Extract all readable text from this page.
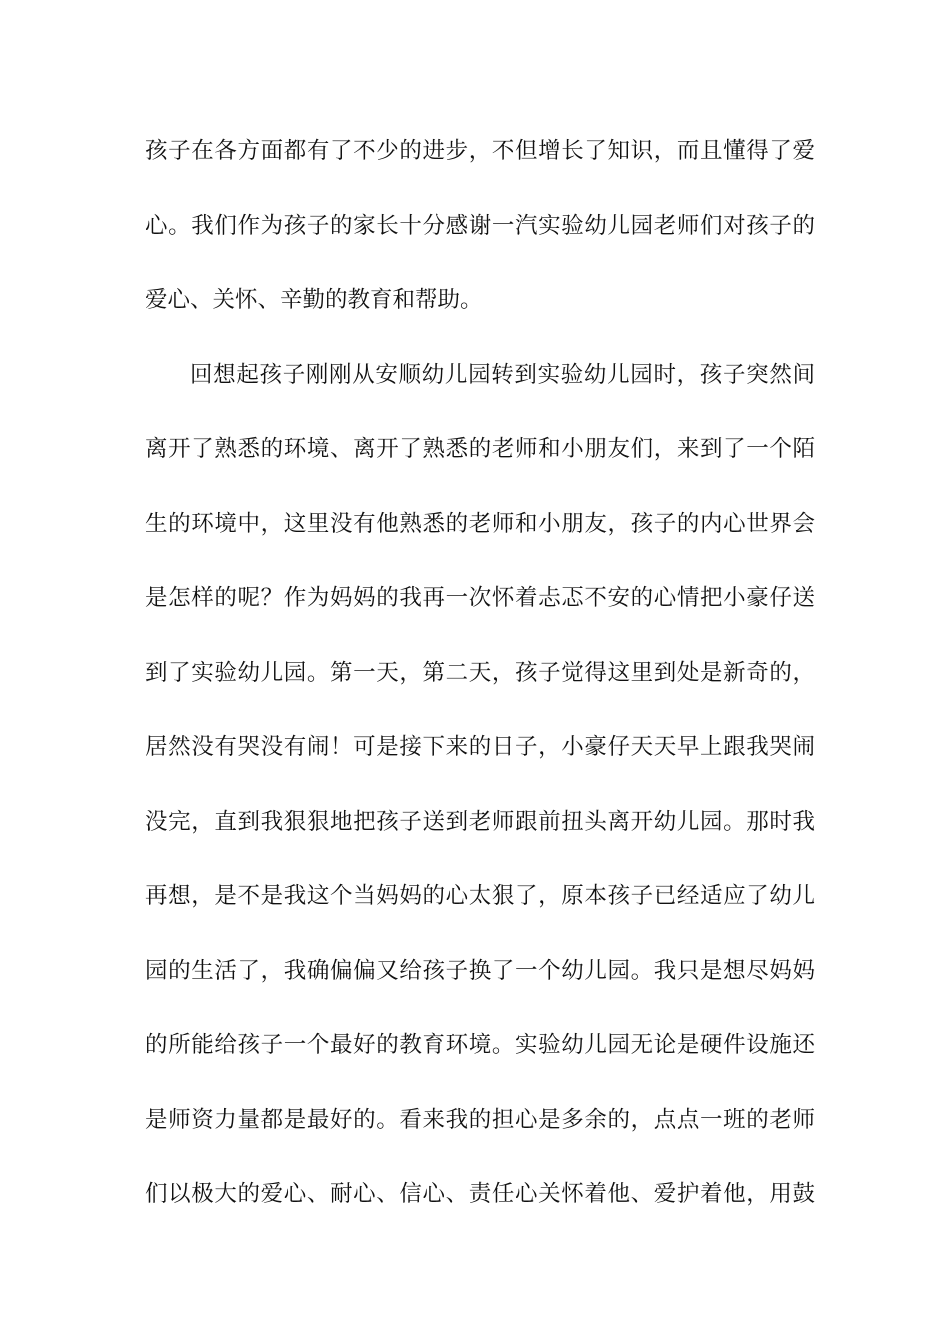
孩子在各方面都有了不少的进步，不但增长了知识，而且懂得了爱
心。我们作为孩子的家长十分感谢一汽实验幼儿园老师们对孩子的
爱心、关怀、辛勤的教育和帮助。
回想起孩子刚刚从安顺幼儿园转到实验幼儿园时，孩子突然间
离开了熟悉的环境、离开了熟悉的老师和小朋友们，来到了一个陌
生的环境中，这里没有他熟悉的老师和小朋友，孩子的内心世界会
是怎样的呢？作为妈妈的我再一次怀着忐忑不安的心情把小豪仔送
到了实验幼儿园。第一天，第二天，孩子觉得这里到处是新奇的，
居然没有哭没有闹！可是接下来的日子，小豪仔天天早上跟我哭闹
没完，直到我狠狠地把孩子送到老师跟前扭头离开幼儿园。那时我
再想，是不是我这个当妈妈的心太狠了，原本孩子已经适应了幼儿
园的生活了，我确偏偏又给孩子换了一个幼儿园。我只是想尽妈妈
的所能给孩子一个最好的教育环境。实验幼儿园无论是硬件设施还
是师资力量都是最好的。看来我的担心是多余的，点点一班的老师
们以极大的爱心、耐心、信心、责任心关怀着他、爱护着他，用鼓
